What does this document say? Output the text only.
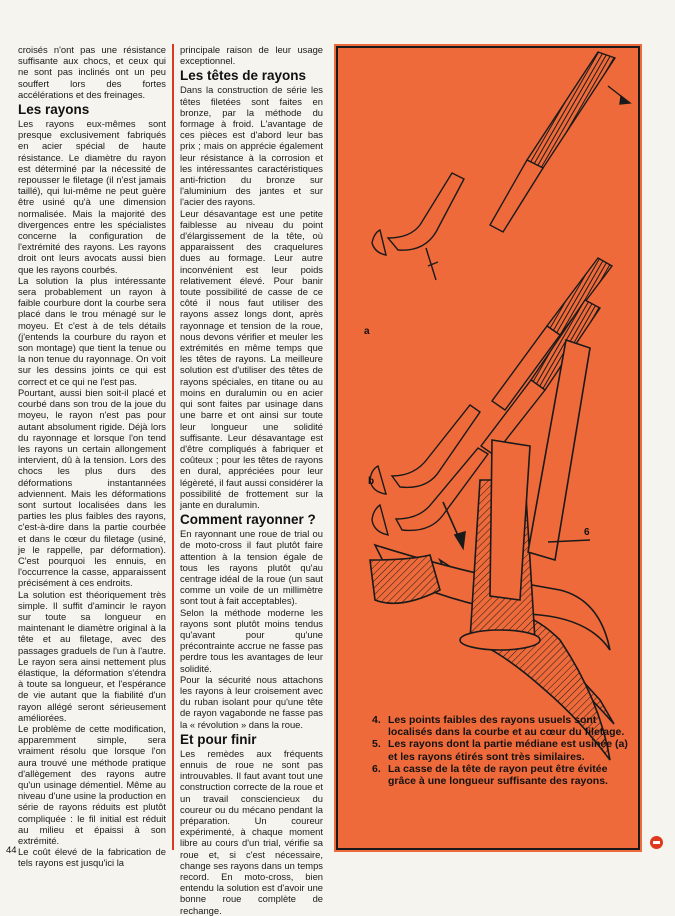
croisés n'ont pas une résistance suffisante aux chocs, et ceux qui ne sont pas inclinés ont un peu souffert lors des fortes accélérations et des freinages.

Les rayons

Les rayons eux-mêmes sont presque exclusivement fabriqués en acier spécial de haute résistance. Le diamètre du rayon est déterminé par la nécessité de repousser le filetage (il n'est jamais taillé), qui lui-même ne peut guère être usiné qu'à une dimension normalisée. Mais la majorité des divergences entre les spécialistes concerne la configuration de l'extrémité des rayons. Les rayons droit ont leurs avocats aussi bien que les rayons courbés.

La solution la plus intéressante sera probablement un rayon à faible courbure dont la courbe sera placé dans le trou ménagé sur le moyeu. Et c'est à de tels détails (j'entends la courbure du rayon et son montage) que tient la tenue ou la non tenue du rayonnage. On voit sur les dessins joints ce qui est correct et ce qui ne l'est pas.

Pourtant, aussi bien soit-il placé et courbé dans son trou de la joue du moyeu, le rayon n'est pas pour autant absolument rigide. Déjà lors du rayonnage et lorsque l'on tend les rayons un certain allongement intervient, dû à la tension. Lors des chocs les plus durs des déformations instantannées adviennent. Mais les déformations sont surtout localisées dans les parties les plus faibles des rayons, c'est-à-dire dans la partie courbée et dans le cœur du filetage (usiné, je le rappelle, par déformation). C'est pourquoi les ennuis, en l'occurrence la casse, apparaissent précisément à ces endroits.

La solution est théoriquement très simple. Il suffit d'amincir le rayon sur toute sa longueur en maintenant le diamètre original à la tête et au filetage, avec des passages graduels de l'un à l'autre. Le rayon sera ainsi nettement plus élastique, la déformation s'étendra à toute sa longueur, et l'espérance de vie autant que la fiabilité d'un rayon allégé seront sérieusement améliorées.

Le problème de cette modification, apparemment simple, sera vraiment résolu que lorsque l'on aura trouvé une méthode pratique d'allègement des rayons autre qu'un usinage démentiel. Même au niveau d'une usine la production en série de rayons réduits est plutôt compliquée : le fil initial est réduit au milieu et épaissi à son extrémité.

Le coût élevé de la fabrication de tels rayons est jusqu'ici la

principale raison de leur usage exceptionnel.

Les têtes de rayons

Dans la construction de série les têtes filetées sont faites en bronze, par la méthode du formage à froid. L'avantage de ces pièces est d'abord leur bas prix ; mais on apprécie également leur résistance à la corrosion et les intéressantes caractéristiques anti-friction du bronze sur l'aluminium des jantes et sur l'acier des rayons.

Leur désavantage est une petite faiblesse au niveau du point d'élargissement de la tête, où apparaissent des craquelures dues au formage. Leur autre inconvénient est leur poids relativement élevé. Pour banir toute possibilité de casse de ce côté il nous faut utiliser des rayons assez longs dont, après rayonnage et tension de la roue, nous devons vérifier et meuler les extrémités en même temps que les têtes de rayons. La meilleure solution est d'utiliser des têtes de rayons spéciales, en titane ou au moins en duralumin ou en acier qui sont faites par usinage dans une barre et ont ainsi sur toute leur longueur une solidité suffisante. Leur désavantage est d'être compliqués à fabriquer et coûteux ; pour les têtes de rayons en dural, appréciées pour leur légèreté, il faut aussi considérer la possibilité de frottement sur la jante en duralumin.

Comment rayonner ?

En rayonnant une roue de trial ou de moto-cross il faut plutôt faire attention à la tension égale de tous les rayons plutôt qu'au centrage idéal de la roue (un saut comme un voile de un millimètre sont tout à fait acceptables).

Selon la méthode moderne les rayons sont plutôt moins tendus qu'avant pour qu'une précontrainte accrue ne fasse pas perdre tous les avantages de leur solidité.

Pour la sécurité nous attachons les rayons à leur croisement avec du ruban isolant pour qu'une tête de rayon vagabonde ne fasse pas la « révolution » dans la roue.

Et pour finir

Les remèdes aux fréquents ennuis de roue ne sont pas introuvables. Il faut avant tout une construction correcte de la roue et un travail consciencieux du coureur ou du mécano pendant la préparation. Un coureur expérimenté, à chaque moment libre au cours d'un trial, vérifie sa roue et, si c'est nécessaire, change ses rayons dans un temps record. En moto-cross, bien entendu la solution est d'avoir une bonne roue complète de rechange.

a
b
6
4. Les points faibles des rayons usuels sont localisés dans la courbe et au cœur du filetage.
5. Les rayons dont la partie médiane est usinée (a) et les rayons étirés sont très similaires.
6. La casse de la tête de rayon peut être évitée grâce à une longueur suffisante des rayons.
44
